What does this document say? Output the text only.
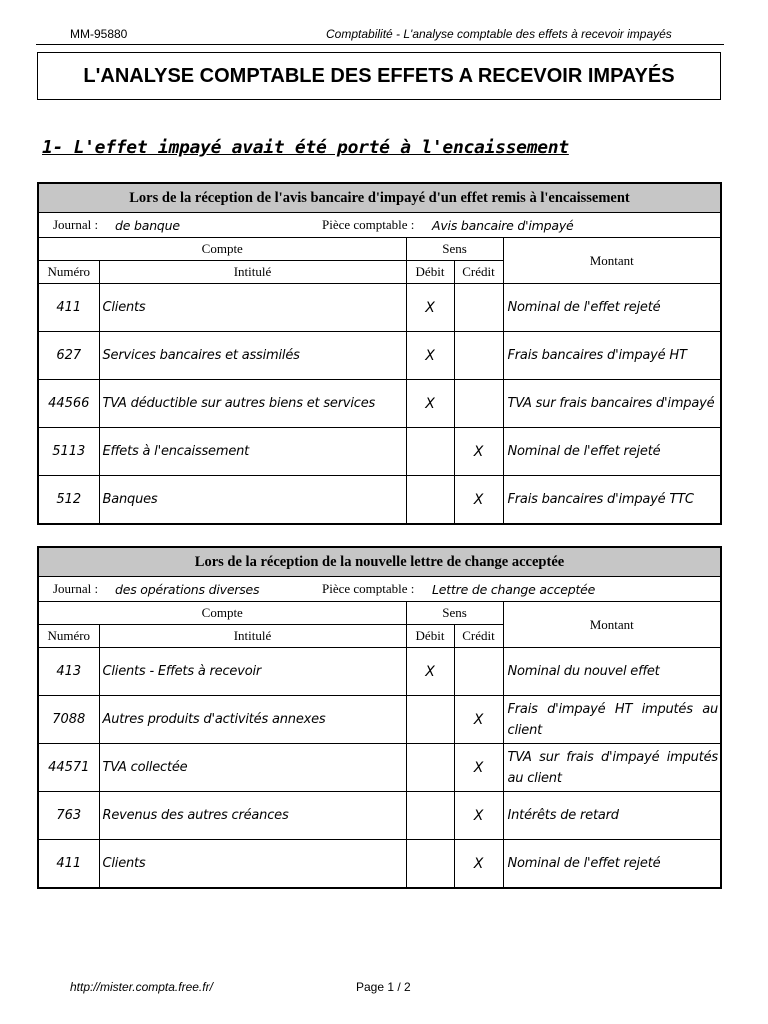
MM-95880	Comptabilité - L'analyse comptable des effets à recevoir impayés
L'ANALYSE COMPTABLE DES EFFETS A RECEVOIR IMPAYÉS
1- L'effet impayé avait été porté à l'encaissement
Lors de la réception de l'avis bancaire d'impayé d'un effet remis à l'encaissement				

Journal : de banque Pièce comptable : Avis bancaire d'impayé				

Compte		Sens		Montant
Numéro	Intitulé	Débit	Crédit	
411	Clients	X		Nominal de l'effet rejeté
627	Services bancaires et assimilés	X		Frais bancaires d'impayé HT
44566	TVA déductible sur autres biens et services	X		TVA sur frais bancaires d'impayé
5113	Effets à l'encaissement		X	Nominal de l'effet rejeté
512	Banques		X	Frais bancaires d'impayé TTC
Lors de la réception de la nouvelle lettre de change acceptée				

Journal : des opérations diverses Pièce comptable : Lettre de change acceptée				

Compte		Sens		Montant
Numéro	Intitulé	Débit	Crédit	
413	Clients - Effets à recevoir	X		Nominal du nouvel effet
7088	Autres produits d'activités annexes		X	Frais d'impayé HT imputés au client
44571	TVA collectée		X	TVA sur frais d'impayé imputés au client
763	Revenus des autres créances		X	Intérêts de retard
411	Clients		X	Nominal de l'effet rejeté
http://mister.compta.free.fr/	Page 1 / 2
